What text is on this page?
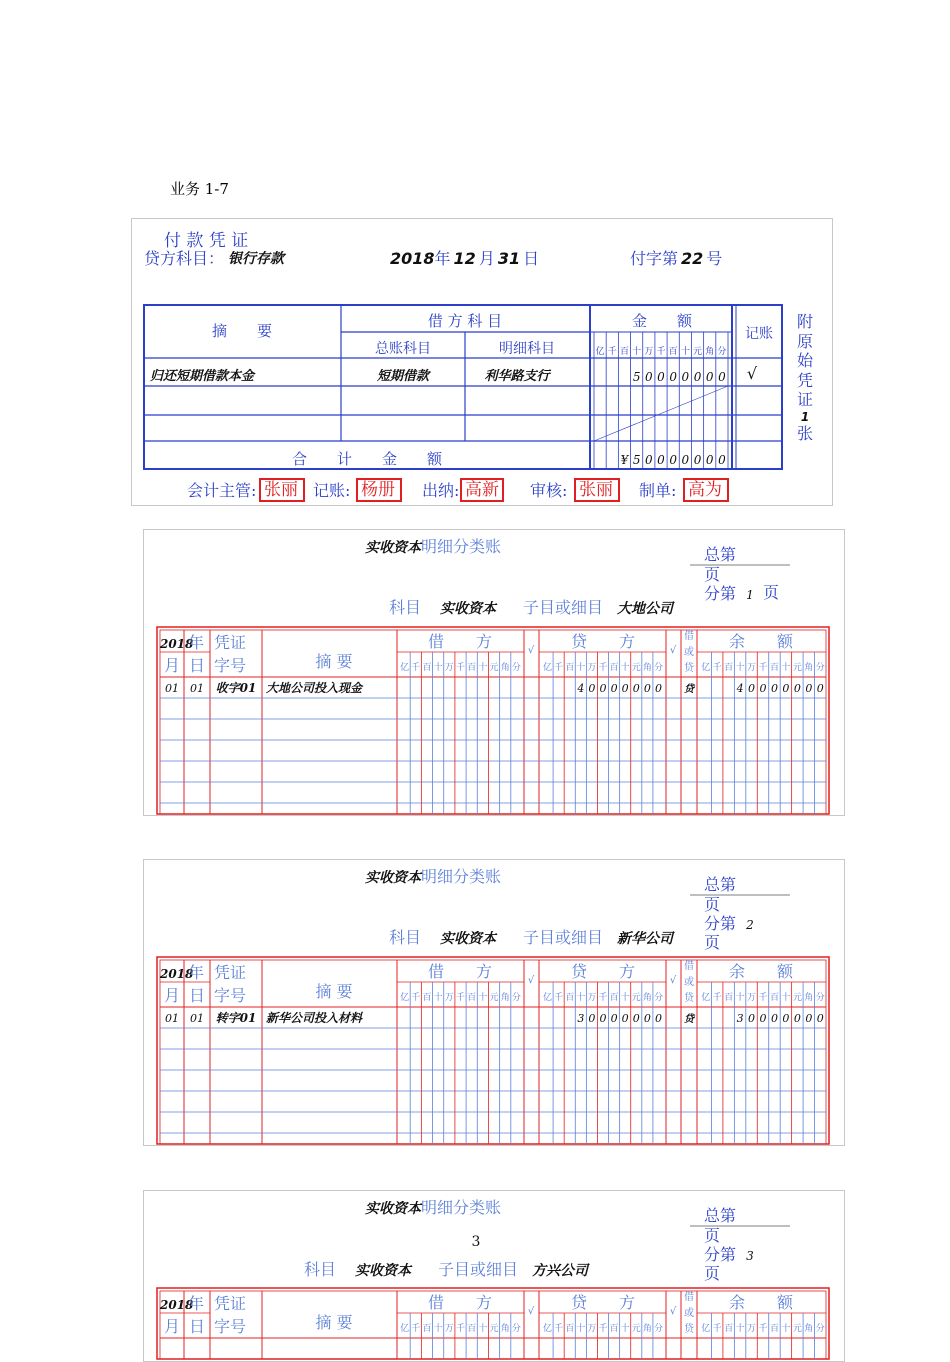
业务 1-7
付 款 凭 证
贷方科目： 银行存款	2018年 12 月 31 日	付字第 22 号
摘　　要
借 方 科 目
总账科目	明细科目
金　　额
记账
亿 千 百 十 万 千 百 十 元 角 分
归还短期借款本金	短期借款	利华路支行	5 0 0 0 0 0 0 0 √
合　　计　　金　　额	¥ 5 0 0 0 0 0 0 0
附
原
始
凭
证
1
张
会计主管: 张丽 记账: 杨册	出纳: 高新	审核: 张丽	制单: 高为
实收资本 明细分类账	总第
页
分第 1 页
科目 实收资本 子目或细目 大地公司
亿 千 百 十 万 千 百 十 元 角 分 亿 千 百 十 万 千 百 十 元 角 分	亿 千 百 十 万 千 百 十 元 角 分
2018
年 凭证
月 日 字号	摘 要
借　　方	√ 贷　　方	√
借
或
贷
余　　额
01 01 收字01 大地公司投入现金	4 0 0 0 0 0 0 0 贷	4 0 0 0 0 0 0 0
实收资本 明细分类账	总第
页
分第 2
页
科目 实收资本 子目或细目 新华公司
亿 千 百 十 万 千 百 十 元 角 分 亿 千 百 十 万 千 百 十 元 角 分	亿 千 百 十 万 千 百 十 元 角 分
2018
年 凭证
月 日 字号	摘 要
借　　方	√ 贷　　方	√
借
或
贷
余　　额
01 01 转字01 新华公司投入材料	3 0 0 0 0 0 0 0 贷	3 0 0 0 0 0 0 0
实收资本 明细分类账	总第
页
分第 3
页
3
科目 实收资本 子目或细目 方兴公司
亿 千 百 十 万 千 百 十 元 角 分 亿 千 百 十 万 千 百 十 元 角 分	亿 千 百 十 万 千 百 十 元 角 分
2018
年 凭证
月 日 字号	摘 要
借　　方	√ 贷　　方	√
借
或
贷
余　　额
